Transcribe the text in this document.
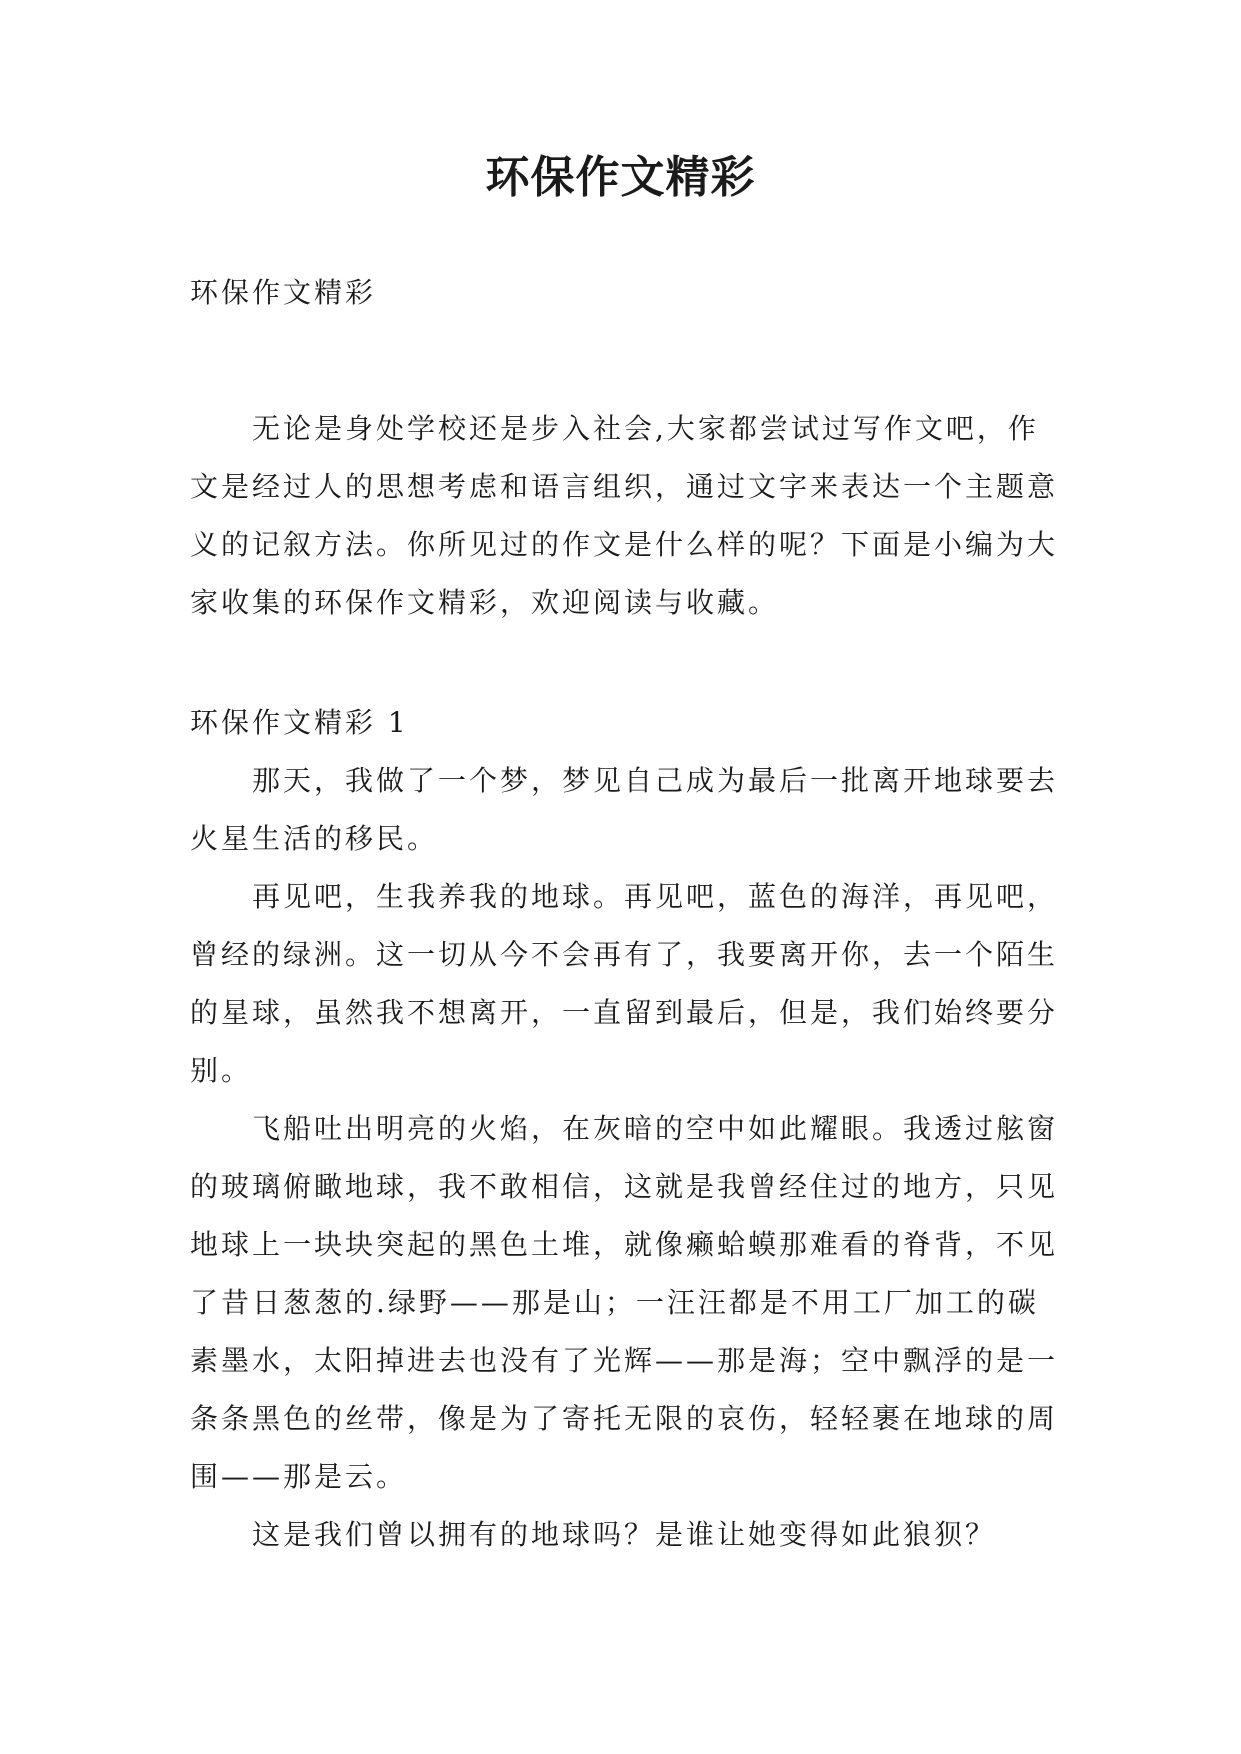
环保作文精彩
环保作文精彩

无论是身处学校还是步入社会,大家都尝试过写作文吧，作文是经过人的思想考虑和语言组织，通过文字来表达一个主题意义的记叙方法。你所见过的作文是什么样的呢？下面是小编为大家收集的环保作文精彩，欢迎阅读与收藏。

环保作文精彩 1

那天，我做了一个梦，梦见自己成为最后一批离开地球要去火星生活的移民。

再见吧，生我养我的地球。再见吧，蓝色的海洋，再见吧，曾经的绿洲。这一切从今不会再有了，我要离开你，去一个陌生的星球，虽然我不想离开，一直留到最后，但是，我们始终要分别。

飞船吐出明亮的火焰，在灰暗的空中如此耀眼。我透过舷窗的玻璃俯瞰地球，我不敢相信，这就是我曾经住过的地方，只见地球上一块块突起的黑色土堆，就像癞蛤蟆那难看的脊背，不见了昔日葱葱的.绿野——那是山；一汪汪都是不用工厂加工的碳素墨水，太阳掉进去也没有了光辉——那是海；空中飘浮的是一条条黑色的丝带，像是为了寄托无限的哀伤，轻轻裹在地球的周围——那是云。

这是我们曾以拥有的地球吗？是谁让她变得如此狼狈？
